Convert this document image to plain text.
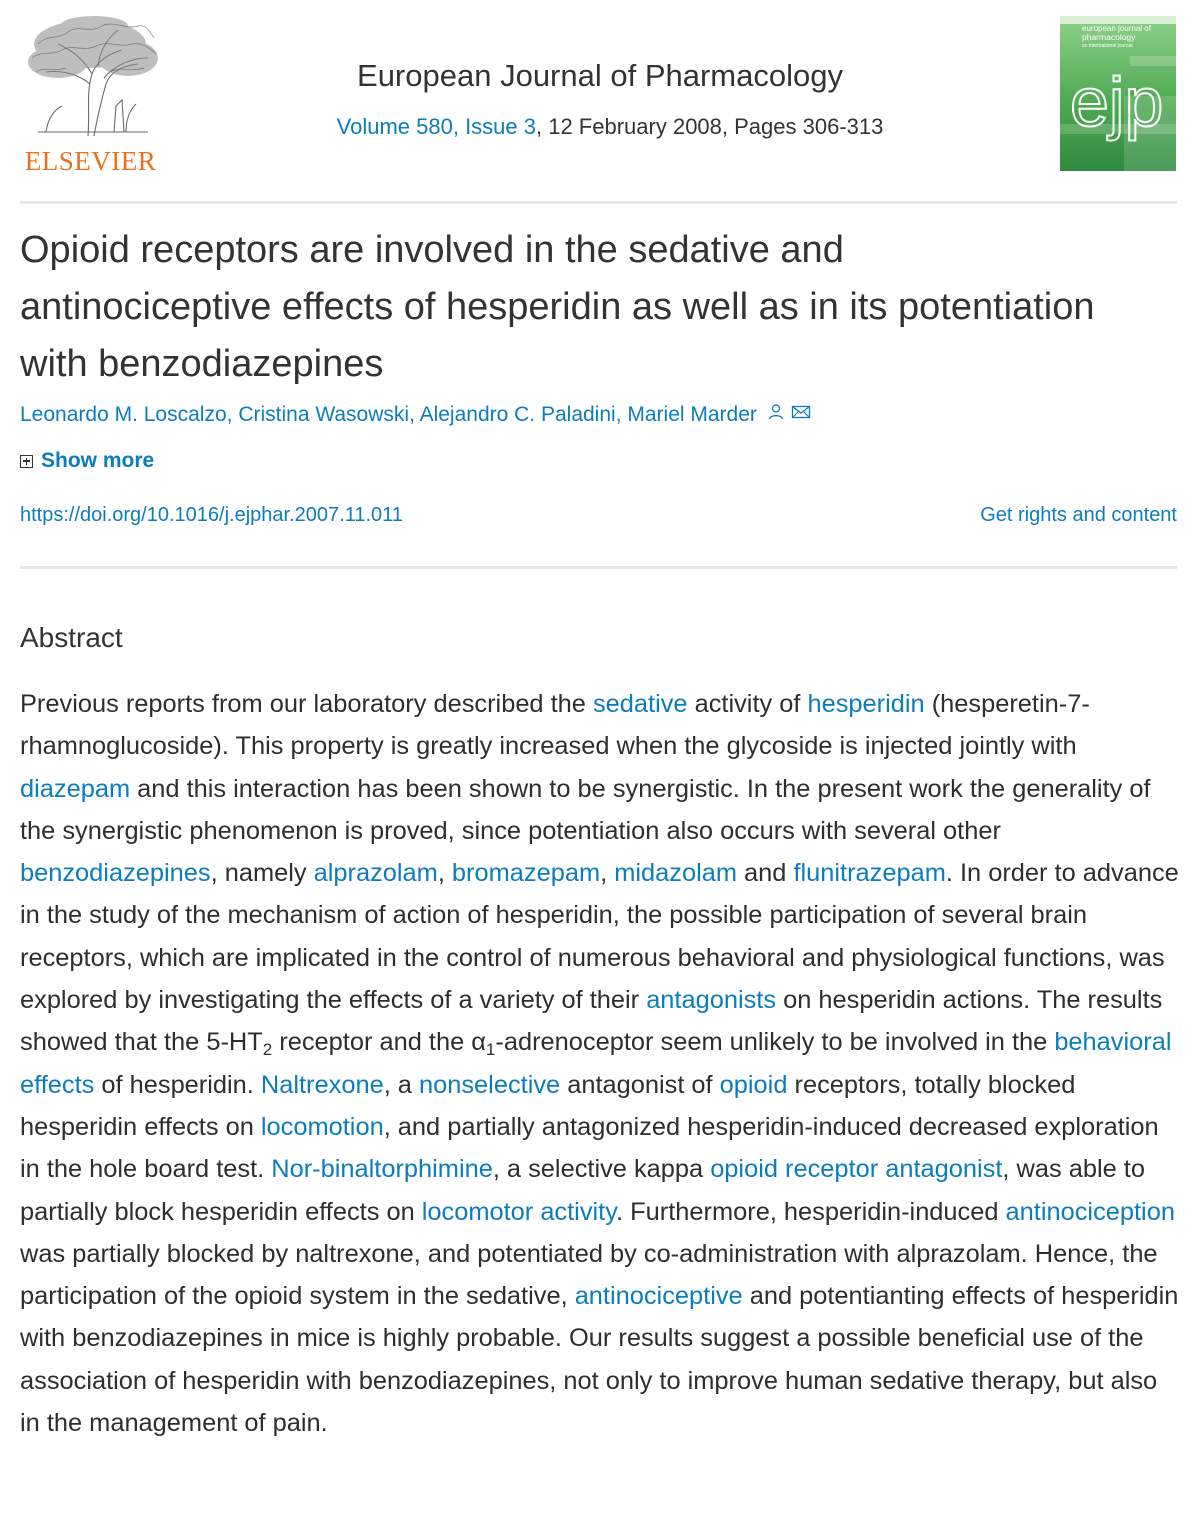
ELSEVIER
European Journal of Pharmacology
Volume 580, Issue 3, 12 February 2008, Pages 306-313
european journal of
pharmacology
an international journal
ejp
Opioid receptors are involved in the sedative and
antinociceptive effects of hesperidin as well as in its potentiation
with benzodiazepines
Leonardo M. Loscalzo, Cristina Wasowski, Alejandro C. Paladini, Mariel Marder
Show more
https://doi.org/10.1016/j.ejphar.2007.11.011	Get rights and content
Abstract

Previous reports from our laboratory described the sedative activity of hesperidin (hesperetin-7-rhamnoglucoside). This property is greatly increased when the glycoside is injected jointly with diazepam and this interaction has been shown to be synergistic. In the present work the generality of the synergistic phenomenon is proved, since potentiation also occurs with several other benzodiazepines, namely alprazolam, bromazepam, midazolam and flunitrazepam. In order to advance in the study of the mechanism of action of hesperidin, the possible participation of several brain receptors, which are implicated in the control of numerous behavioral and physiological functions, was explored by investigating the effects of a variety of their antagonists on hesperidin actions. The results showed that the $5-HT_2$ receptor and the $\alpha_1$-adrenoceptor seem unlikely to be involved in the behavioral effects of hesperidin. Naltrexone, a nonselective antagonist of opioid receptors, totally blocked hesperidin effects on locomotion, and partially antagonized hesperidin-induced decreased exploration in the hole board test. Nor-binaltorphimine, a selective kappa opioid receptor antagonist, was able to partially block hesperidin effects on locomotor activity. Furthermore, hesperidin-induced antinociception was partially blocked by naltrexone, and potentiated by co-administration with alprazolam. Hence, the participation of the opioid system in the sedative, antinociceptive and potentianting effects of hesperidin with benzodiazepines in mice is highly probable. Our results suggest a possible beneficial use of the association of hesperidin with benzodiazepines, not only to improve human sedative therapy, but also in the management of pain.
